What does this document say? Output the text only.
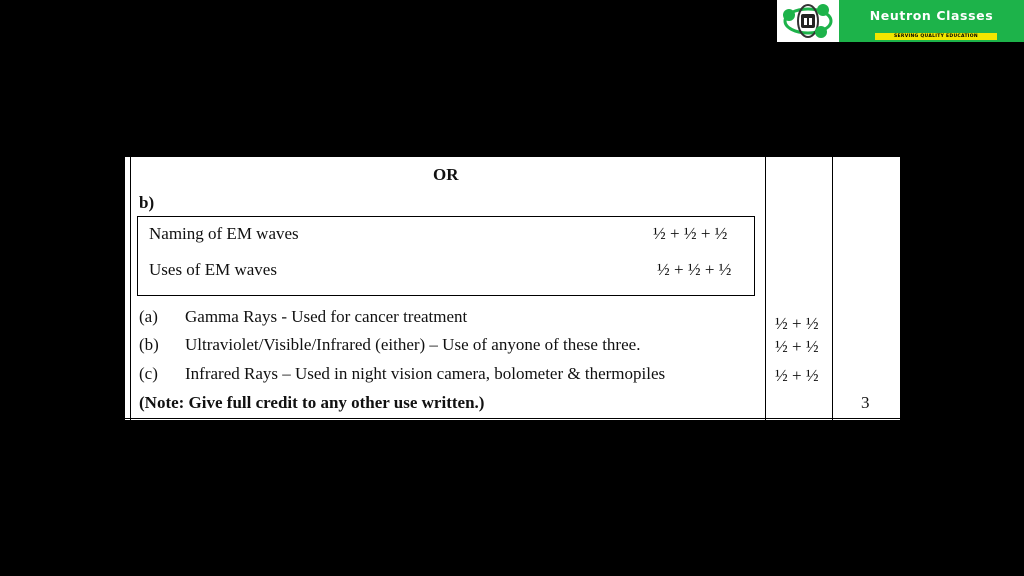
Neutron Classes
SERVING QUALITY EDUCATION
OR
b)
Naming of EM waves	½ + ½ + ½
Uses of EM waves	½ + ½ + ½
(a) Gamma Rays - Used for cancer treatment	½ + ½
(b) Ultraviolet/Visible/Infrared (either) – Use of anyone of these three.	½ + ½
(c) Infrared Rays – Used in night vision camera, bolometer & thermopiles	½ + ½
(Note: Give full credit to any other use written.)	3
